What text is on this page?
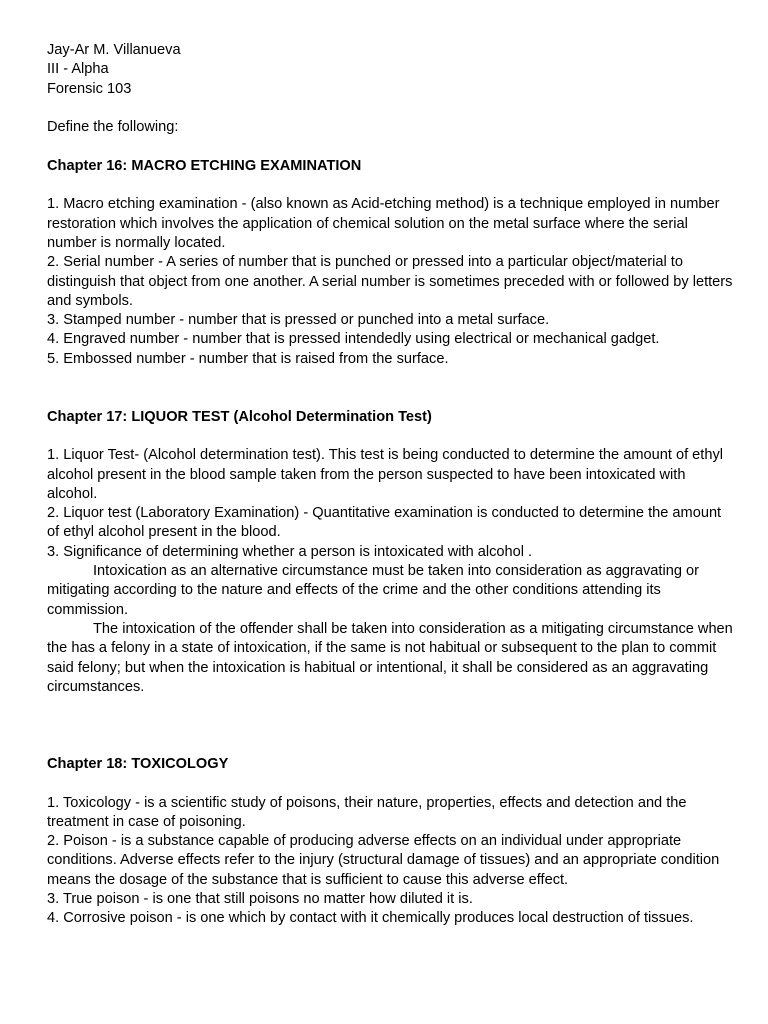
Jay-Ar M. Villanueva

III - Alpha

Forensic 103

Define the following:

Chapter 16: MACRO ETCHING EXAMINATION

1. Macro etching examination - (also known as Acid-etching method) is a technique employed in number restoration which involves the application of chemical solution on the metal surface where the serial number is normally located.

2. Serial number - A series of number that is punched or pressed into a particular object/material to distinguish that object from one another. A serial number is sometimes preceded with or followed by letters and symbols.

3. Stamped number - number that is pressed or punched into a metal surface.

4. Engraved number - number that is pressed intendedly using electrical or mechanical gadget.

5. Embossed number - number that is raised from the surface.

Chapter 17: LIQUOR TEST (Alcohol Determination Test)

1. Liquor Test- (Alcohol determination test). This test is being conducted to determine the amount of ethyl alcohol present in the blood sample taken from the person suspected to have been intoxicated with alcohol.

2. Liquor test (Laboratory Examination) - Quantitative examination is conducted to determine the amount of ethyl alcohol present in the blood.

3. Significance of determining whether a person is intoxicated with alcohol .

Intoxication as an alternative circumstance must be taken into consideration as aggravating or mitigating according to the nature and effects of the crime and the other conditions attending its commission.

The intoxication of the offender shall be taken into consideration as a mitigating circumstance when the has a felony in a state of intoxication, if the same is not habitual or subsequent to the plan to commit said felony; but when the intoxication is habitual or intentional, it shall be considered as an aggravating circumstances.

Chapter 18: TOXICOLOGY

1. Toxicology - is a scientific study of poisons, their nature, properties, effects and detection and the treatment in case of poisoning.

2. Poison - is a substance capable of producing adverse effects on an individual under appropriate conditions. Adverse effects refer to the injury (structural damage of tissues) and an appropriate condition means the dosage of the substance that is sufficient to cause this adverse effect.

3. True poison - is one that still poisons no matter how diluted it is.

4. Corrosive poison - is one which by contact with it chemically produces local destruction of tissues.
